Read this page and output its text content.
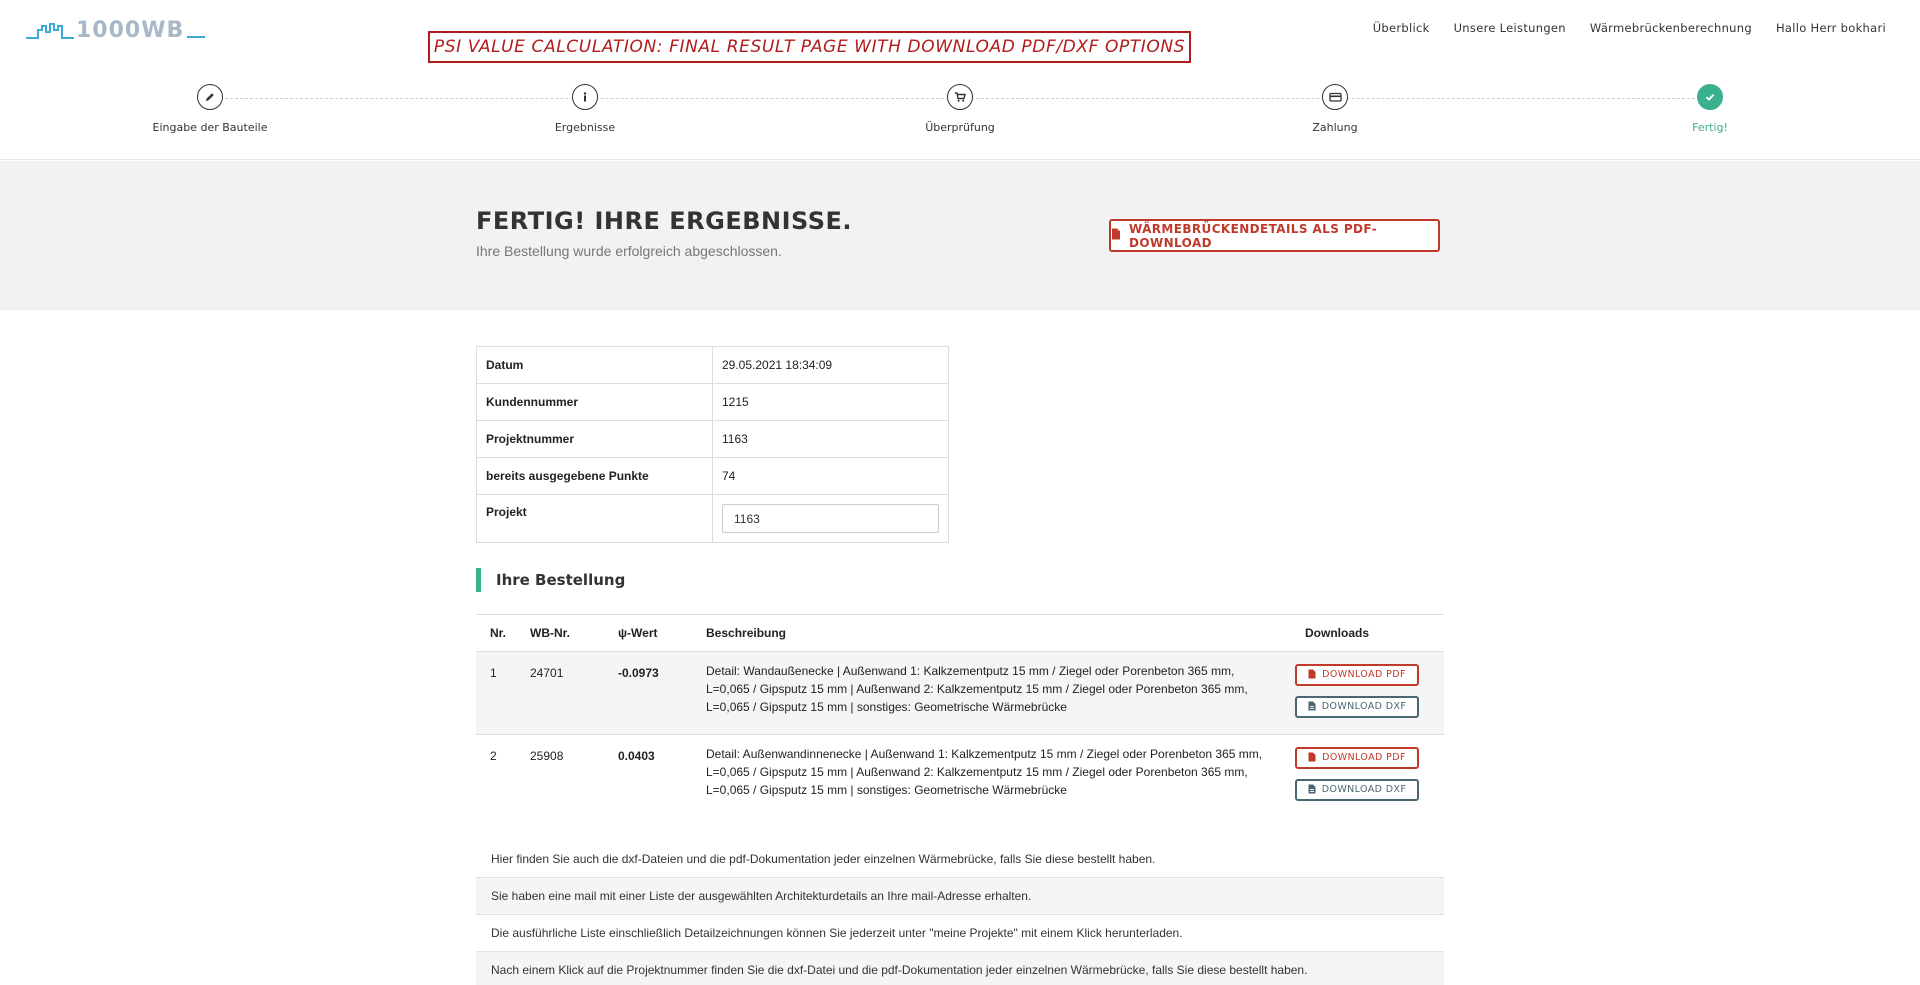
1000WB
PSI VALUE CALCULATION: FINAL RESULT PAGE WITH DOWNLOAD PDF/DXF OPTIONS
Überblick Unsere Leistungen Wärmebrückenberechnung Hallo Herr bokhari
Eingabe der Bauteile	Ergebnisse	Überprüfung	Zahlung	Fertig!
FERTIG! IHRE ERGEBNISSE.

Ihre Bestellung wurde erfolgreich abgeschlossen.

WÄRMEBRÜCKENDETAILS ALS PDF-DOWNLOAD
Datum	29.05.2021 18:34:09
Kundennummer	1215
Projektnummer	1163
bereits ausgegebene Punkte	74
Projekt	1163
Ihre Bestellung
Nr.	WB-Nr.	ψ-Wert	Beschreibung	Downloads
1	24701	-0.0973	Detail: Wandaußenecke | Außenwand 1: Kalkzementputz 15 mm / Ziegel oder Porenbeton 365 mm, L=0,065 / Gipsputz 15 mm | Außenwand 2: Kalkzementputz 15 mm / Ziegel oder Porenbeton 365 mm, L=0,065 / Gipsputz 15 mm | sonstiges: Geometrische Wärmebrücke	DOWNLOAD PDF
DOWNLOAD DXF

2	25908	0.0403	Detail: Außenwandinnenecke | Außenwand 1: Kalkzementputz 15 mm / Ziegel oder Porenbeton 365 mm, L=0,065 / Gipsputz 15 mm | Außenwand 2: Kalkzementputz 15 mm / Ziegel oder Porenbeton 365 mm, L=0,065 / Gipsputz 15 mm | sonstiges: Geometrische Wärmebrücke	DOWNLOAD PDF
DOWNLOAD DXF
Hier finden Sie auch die dxf-Dateien und die pdf-Dokumentation jeder einzelnen Wärmebrücke, falls Sie diese bestellt haben.
Sie haben eine mail mit einer Liste der ausgewählten Architekturdetails an Ihre mail-Adresse erhalten.
Die ausführliche Liste einschließlich Detailzeichnungen können Sie jederzeit unter "meine Projekte" mit einem Klick herunterladen.
Nach einem Klick auf die Projektnummer finden Sie die dxf-Datei und die pdf-Dokumentation jeder einzelnen Wärmebrücke, falls Sie diese bestellt haben.
